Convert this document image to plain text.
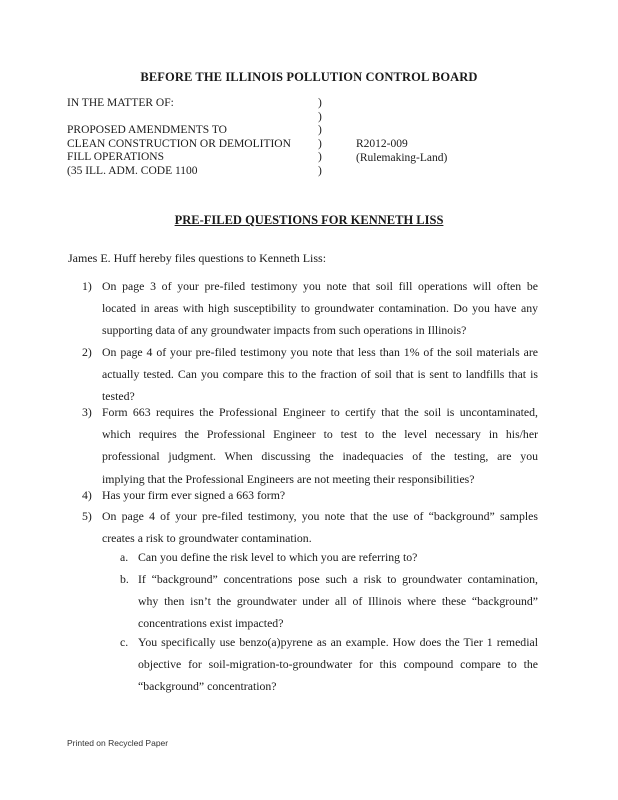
BEFORE THE ILLINOIS POLLUTION CONTROL BOARD
IN THE MATTER OF:
PROPOSED AMENDMENTS TO
CLEAN CONSTRUCTION OR DEMOLITION
FILL OPERATIONS
(35 ILL. ADM. CODE 1100
)
)
)
)
)
)
R2012-009
(Rulemaking-Land)
PRE-FILED QUESTIONS FOR KENNETH LISS
James E. Huff hereby files questions to Kenneth Liss:
1) On page 3 of your pre-filed testimony you note that soil fill operations will often be
located in areas with high susceptibility to groundwater contamination. Do you have any
supporting data of any groundwater impacts from such operations in Illinois?
2) On page 4 of your pre-filed testimony you note that less than 1% of the soil materials are
actually tested. Can you compare this to the fraction of soil that is sent to landfills that is
tested?
3) Form 663 requires the Professional Engineer to certify that the soil is uncontaminated,
which requires the Professional Engineer to test to the level necessary in his/her
professional judgment. When discussing the inadequacies of the testing, are you
implying that the Professional Engineers are not meeting their responsibilities?
4) Has your firm ever signed a 663 form?
5) On page 4 of your pre-filed testimony, you note that the use of “background” samples
creates a risk to groundwater contamination.
a. Can you define the risk level to which you are referring to?
b. If “background” concentrations pose such a risk to groundwater contamination,
why then isn’t the groundwater under all of Illinois where these “background”
concentrations exist impacted?
c. You specifically use benzo(a)pyrene as an example. How does the Tier 1 remedial
objective for soil-migration-to-groundwater for this compound compare to the
“background” concentration?
Printed on Recycled Paper
